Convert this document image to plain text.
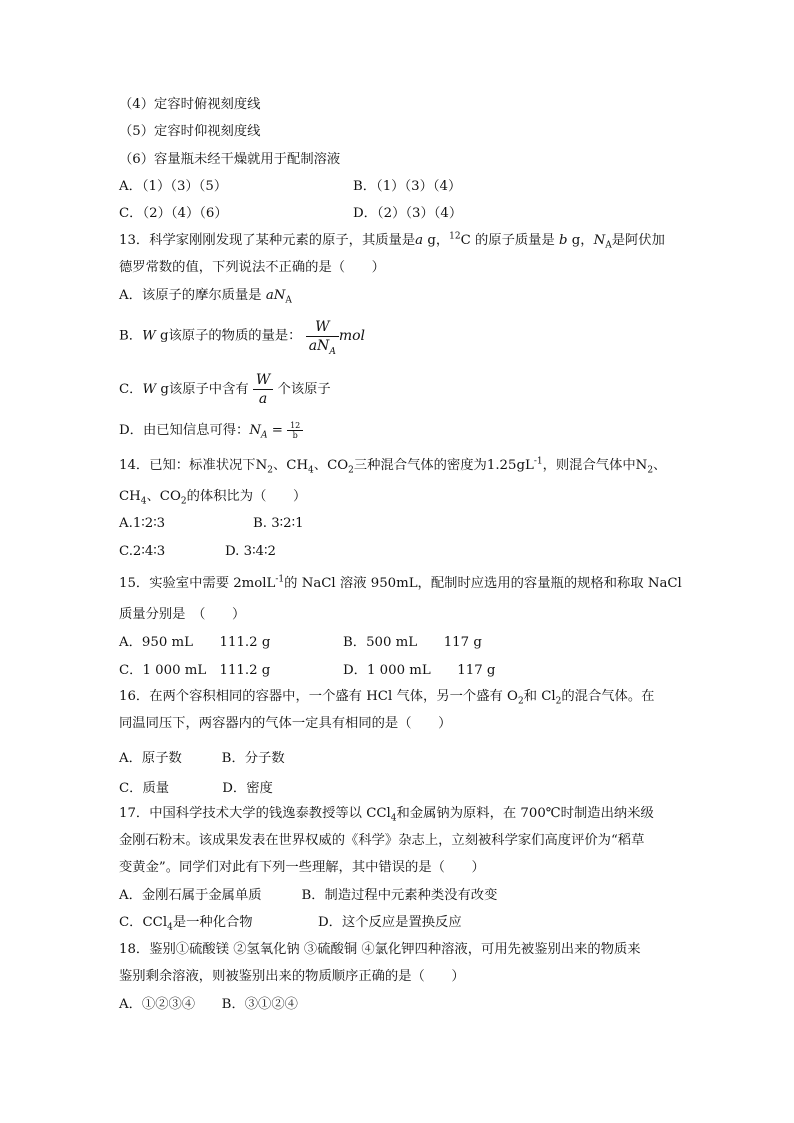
（4）定容时俯视刻度线
（5）定容时仰视刻度线
（6）容量瓶未经干燥就用于配制溶液
A．（1）（3）（5）	B．（1）（3）（4）
C．（2）（4）（6）	D．（2）（3）（4）
13．科学家刚刚发现了某种元素的原子，其质量是a g，$^{12}$C 的原子质量是 b g，$N_A$是阿伏加
德罗常数的值，下列说法不正确的是（　　）
A．该原子的摩尔质量是 $aN_A$
B．W g该原子的物质的量是： $\frac{W}{aN_A}$ mol
C．W g该原子中含有 $\frac{W}{a}$ 个该原子
D．由已知信息可得：$N_A = \frac{12}{b}$
14．已知：标准状况下$N_2$、$CH_4$、$CO_2$三种混合气体的密度为$1.25gL^{-1}$，则混合气体中$N_2$、
$CH_4$、$CO_2$的体积比为（　　）
A.1∶2∶3	B. 3∶2∶1
C.2∶4∶3	D. 3∶4∶2
15．实验室中需要 2molL$^{-1}$的 NaCl 溶液 950mL，配制时应选用的容量瓶的规格和称取 NaCl
质量分别是　（　　）
A．950 mL　　111.2 g	B．500 mL　　117 g
C．1 000 mL　111.2 g	D．1 000 mL　　117 g
16．在两个容积相同的容器中，一个盛有 HCl 气体，另一个盛有 $O_2$和 $Cl_2$的混合气体。在
同温同压下，两容器内的气体一定具有相同的是（　　）
A．原子数　　　B．分子数
C．质量　　　　D．密度
17．中国科学技术大学的钱逸泰教授等以 CCl$_4$和金属钠为原料，在 700℃时制造出纳米级
金刚石粉末。该成果发表在世界权威的《科学》杂志上，立刻被科学家们高度评价为“稻草
变黄金”。同学们对此有下列一些理解，其中错误的是（　　）
A．金刚石属于金属单质　　　B．制造过程中元素种类没有改变
C．CCl$_4$是一种化合物	D．这个反应是置换反应
18．鉴别①硫酸镁 ②氢氧化钠 ③硫酸铜 ④氯化钾四种溶液，可用先被鉴别出来的物质来
鉴别剩余溶液，则被鉴别出来的物质顺序正确的是（　　）
A．①②③④　　B．③①②④
